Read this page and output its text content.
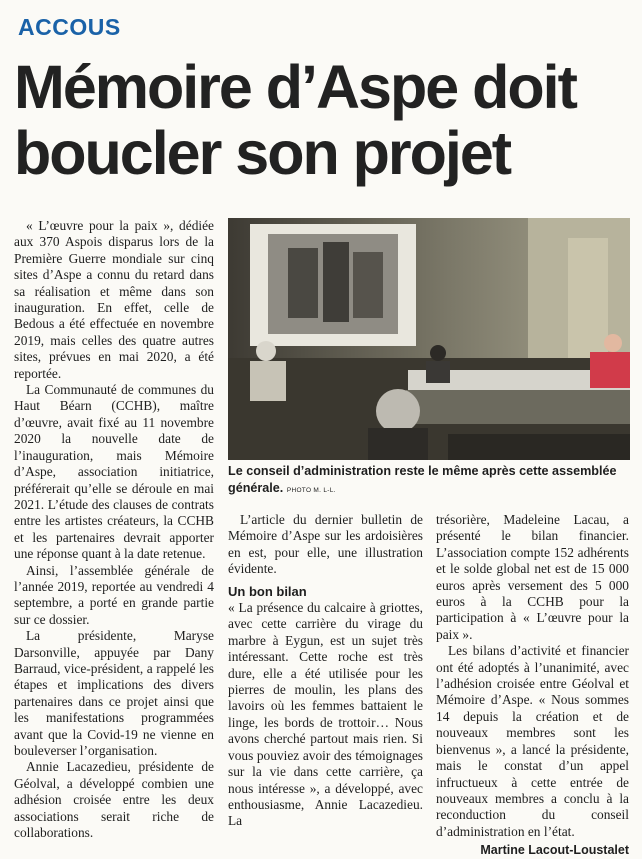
ACCOUS
Mémoire d’Aspe doit boucler son projet

« L’œuvre pour la paix », dédiée aux 370 Aspois disparus lors de la Première Guerre mondiale sur cinq sites d’Aspe a connu du retard dans sa réalisation et même dans son inauguration. En effet, celle de Bedous a été effectuée en novembre 2019, mais celles des quatre autres sites, prévues en mai 2020, a été reportée.

La Communauté de communes du Haut Béarn (CCHB), maître d’œuvre, avait fixé au 11 novembre 2020 la nouvelle date de l’inauguration, mais Mémoire d’Aspe, association initiatrice, préférerait qu’elle se déroule en mai 2021. L’étude des clauses de contrats entre les artistes créateurs, la CCHB et les partenaires devrait apporter une réponse quant à la date retenue.

Ainsi, l’assemblée générale de l’année 2019, reportée au vendredi 4 septembre, a porté en grande partie sur ce dossier.

La présidente, Maryse Darsonville, appuyée par Dany Barraud, vice-président, a rappelé les étapes et implications des divers partenaires dans ce projet ainsi que les manifestations programmées avant que la Covid-19 ne vienne en bouleverser l’organisation.

Annie Lacazedieu, présidente de Géolval, a développé combien une adhésion croisée entre les deux associations serait riche de collaborations.

Le conseil d’administration reste le même après cette assemblée générale. PHOTO M. L-L.

L’article du dernier bulletin de Mémoire d’Aspe sur les ardoisières en est, pour elle, une illustration évidente.

Un bon bilan

« La présence du calcaire à griottes, avec cette carrière du virage du marbre à Eygun, est un sujet très intéressant. Cette roche est très dure, elle a été utilisée pour les pierres de moulin, les plans des lavoirs où les femmes battaient le linge, les bords de trottoir… Nous avons cherché partout mais rien. Si vous pouviez avoir des témoignages sur la vie dans cette carrière, ça nous intéresse », a développé, avec enthousiasme, Annie Lacazedieu. La

trésorière, Madeleine Lacau, a présenté le bilan financier. L’association compte 152 adhérents et le solde global net est de 15 000 euros après versement des 5 000 euros à la CCHB pour la participation à « L’œuvre pour la paix ».

Les bilans d’activité et financier ont été adoptés à l’unanimité, avec l’adhésion croisée entre Géolval et Mémoire d’Aspe. « Nous sommes 14 depuis la création et de nouveaux membres sont les bienvenus », a lancé la présidente, mais le constat d’un appel infructueux à cette entrée de nouveaux membres a conclu à la reconduction du conseil d’administration en l’état.

Martine Lacout-Loustalet
